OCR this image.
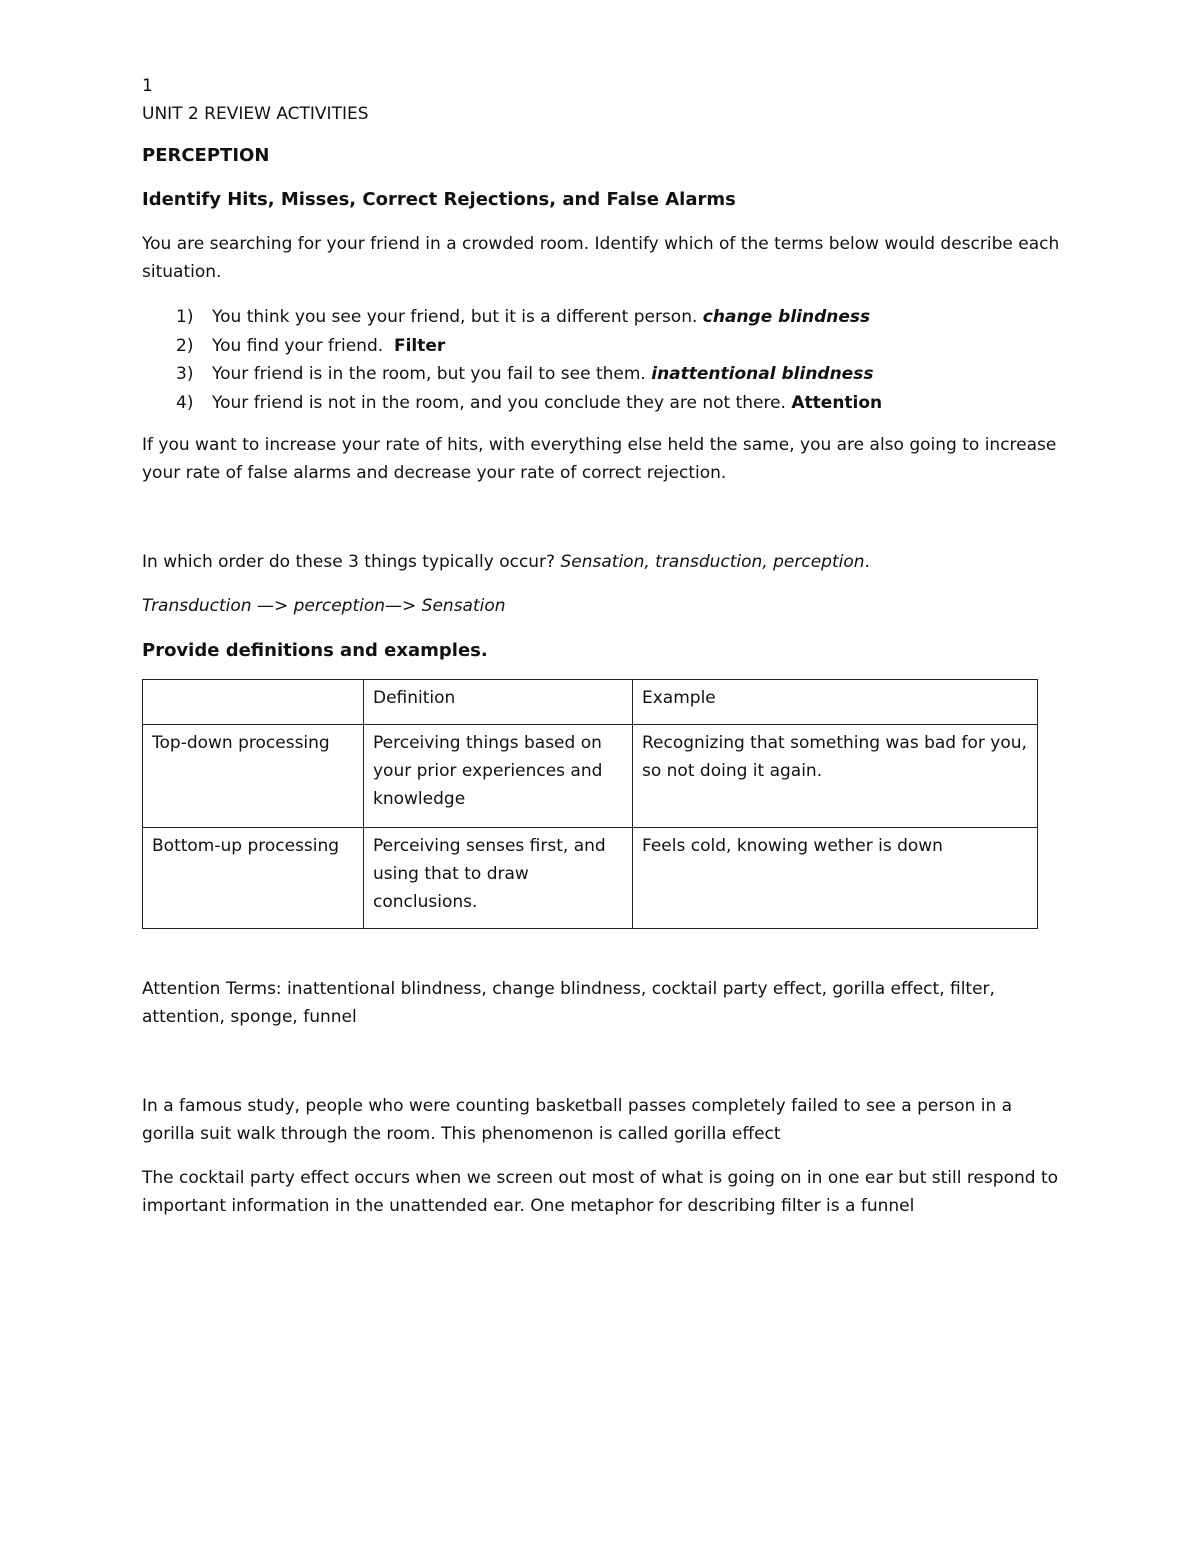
1
UNIT 2 REVIEW ACTIVITIES
PERCEPTION
Identify Hits, Misses, Correct Rejections, and False Alarms
You are searching for your friend in a crowded room. Identify which of the terms below would describe each situation.
1) You think you see your friend, but it is a different person. change blindness
2) You find your friend. Filter
3) Your friend is in the room, but you fail to see them. inattentional blindness
4) Your friend is not in the room, and you conclude they are not there. Attention
If you want to increase your rate of hits, with everything else held the same, you are also going to increase your rate of false alarms and decrease your rate of correct rejection.
In which order do these 3 things typically occur? Sensation, transduction, perception.
Transduction —> perception—> Sensation
Provide definitions and examples.
	Definition	Example
Top-down processing	Perceiving things based on your prior experiences and knowledge	Recognizing that something was bad for you, so not doing it again.
Bottom-up processing	Perceiving senses first, and using that to draw conclusions.	Feels cold, knowing wether is down
Attention Terms: inattentional blindness, change blindness, cocktail party effect, gorilla effect, filter, attention, sponge, funnel
In a famous study, people who were counting basketball passes completely failed to see a person in a gorilla suit walk through the room. This phenomenon is called gorilla effect
The cocktail party effect occurs when we screen out most of what is going on in one ear but still respond to important information in the unattended ear. One metaphor for describing filter is a funnel
